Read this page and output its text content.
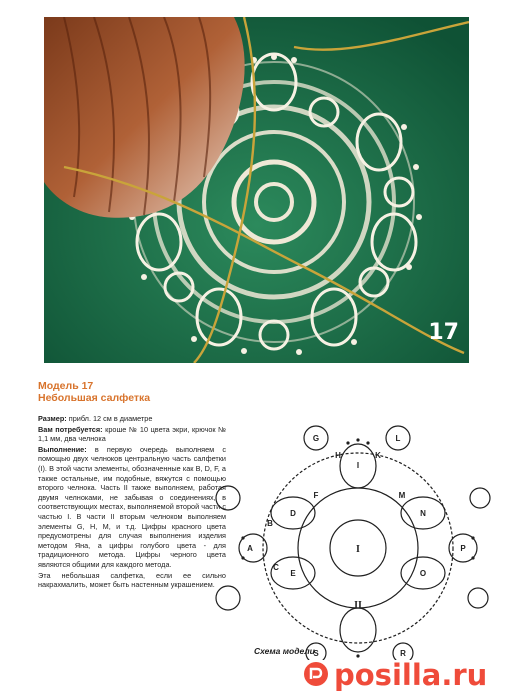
17
Модель 17
Небольшая салфетка

Размер: прибл. 12 см в диаметре

Вам потребуется: крошe № 10 цвета экри, крючок № 1,1 мм, два челнока

Выполнение: в первую очередь выполняем с помощью двух челноков центральную часть салфетки (I). В этой части элементы, обозначенные как B, D, F, а также остальные, им подобные, вяжутся с помощью второго челнока. Часть II также выполняем, работая двумя челноками, не забывая о соединениях, в соответствующих местах, выполняемой второй части с частью I. В части II вторым челноком выполняем элементы G, H, M, и т.д. Цифры красного цвета предусмотрены для случая выполнения изделия методом Яна, а цифры голубого цвета - для традиционного метода. Цифры черного цвета являются общими для каждого метода.

Эта небольшая салфетка, если ее сильно накрахмалить, может быть настенным украшением.

A
B
C
D
E
F
G
H
I
K
L
M
N
O
P
R
S
I
II
Схема модели
posilla.ru
